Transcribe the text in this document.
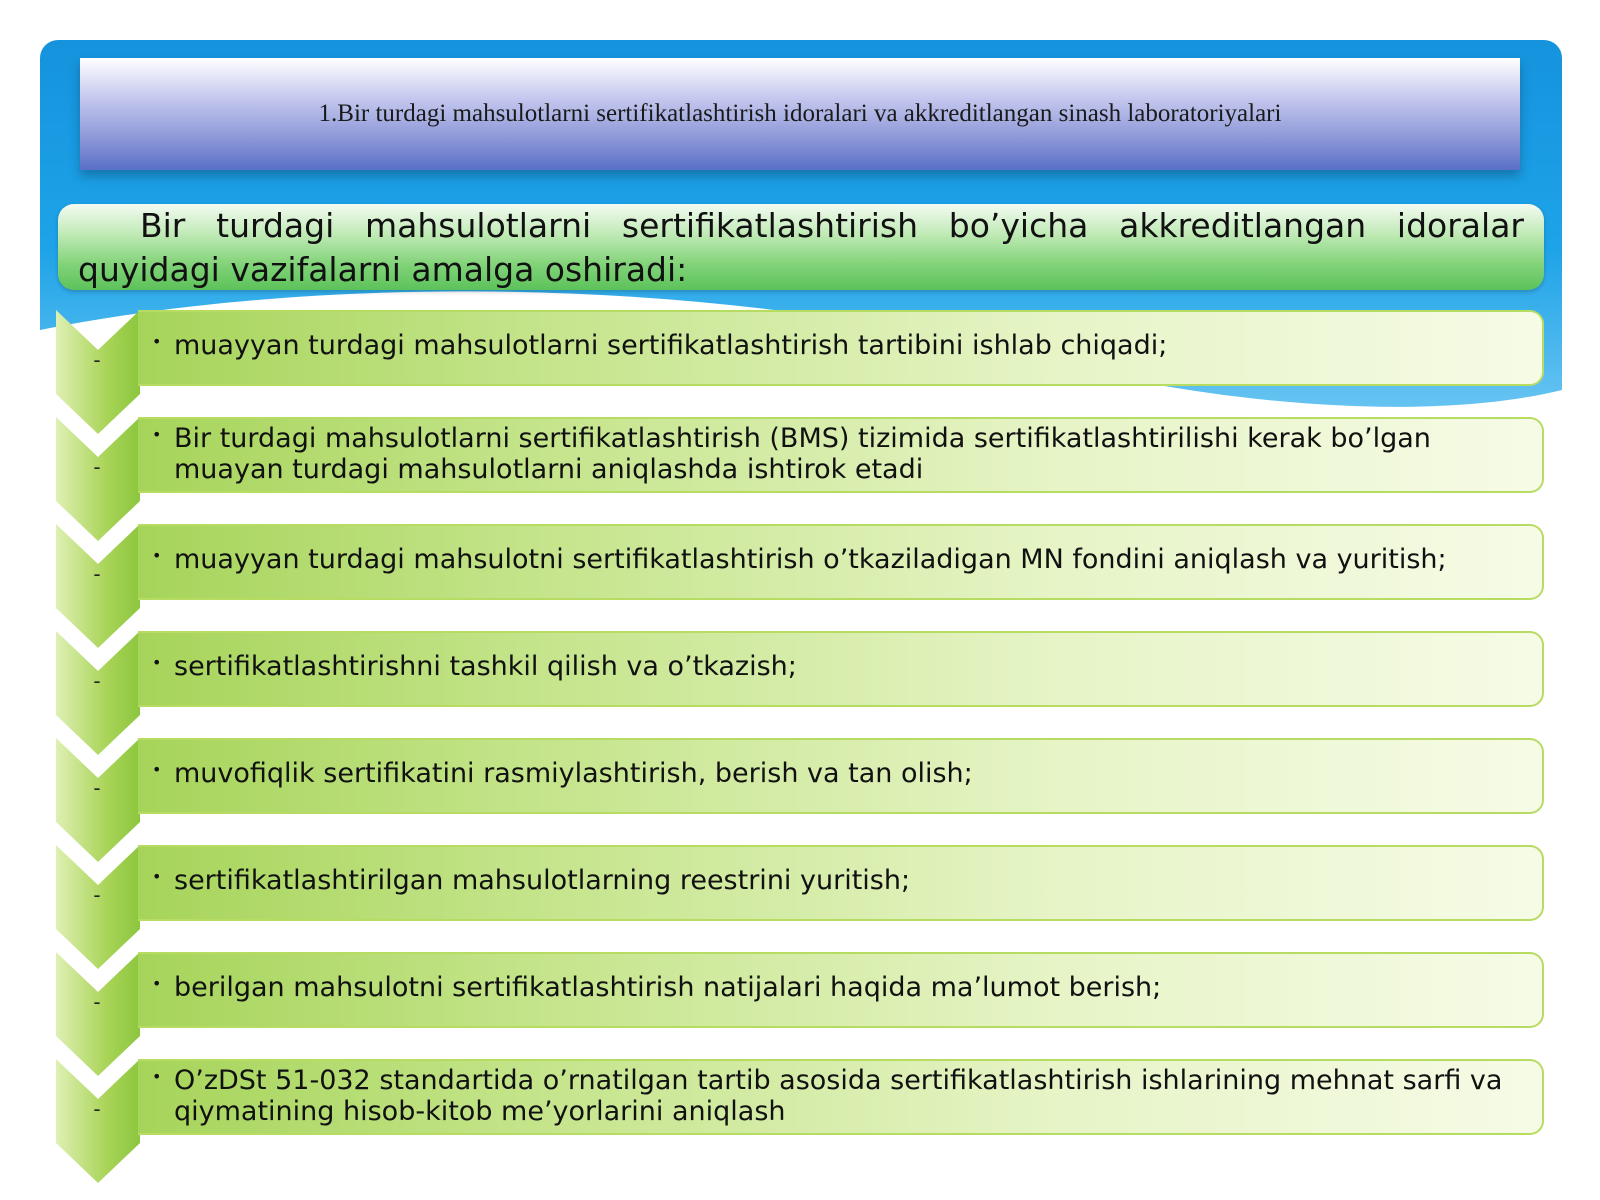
1.Bir turdagi mahsulotlarni sertifikatlashtirish idoralari va akkreditlangan sinash laboratoriyalari

Bir turdagi mahsulotlarni sertifikatlashtirish bo’yicha akkreditlangan idoralar quyidagi vazifalarni amalga oshiradi:

-
• muayyan turdagi mahsulotlarni sertifikatlashtirish tartibini ishlab chiqadi;
-
• Bir turdagi mahsulotlarni sertifikatlashtirish (BMS) tizimida sertifikatlashtirilishi kerak bo’lgan muayan turdagi mahsulotlarni aniqlashda ishtirok etadi
-
• muayyan turdagi mahsulotni sertifikatlashtirish o’tkaziladigan MN fondini aniqlash va yuritish;
-
• sertifikatlashtirishni tashkil qilish va o’tkazish;
-
• muvofiqlik sertifikatini rasmiylashtirish, berish va tan olish;
-
• sertifikatlashtirilgan mahsulotlarning reestrini yuritish;
-
• berilgan mahsulotni sertifikatlashtirish natijalari haqida ma’lumot berish;
-
• O’zDSt 51-032 standartida o’rnatilgan tartib asosida sertifikatlashtirish ishlarining mehnat sarfi va qiymatining hisob-kitob me’yorlarini aniqlash
